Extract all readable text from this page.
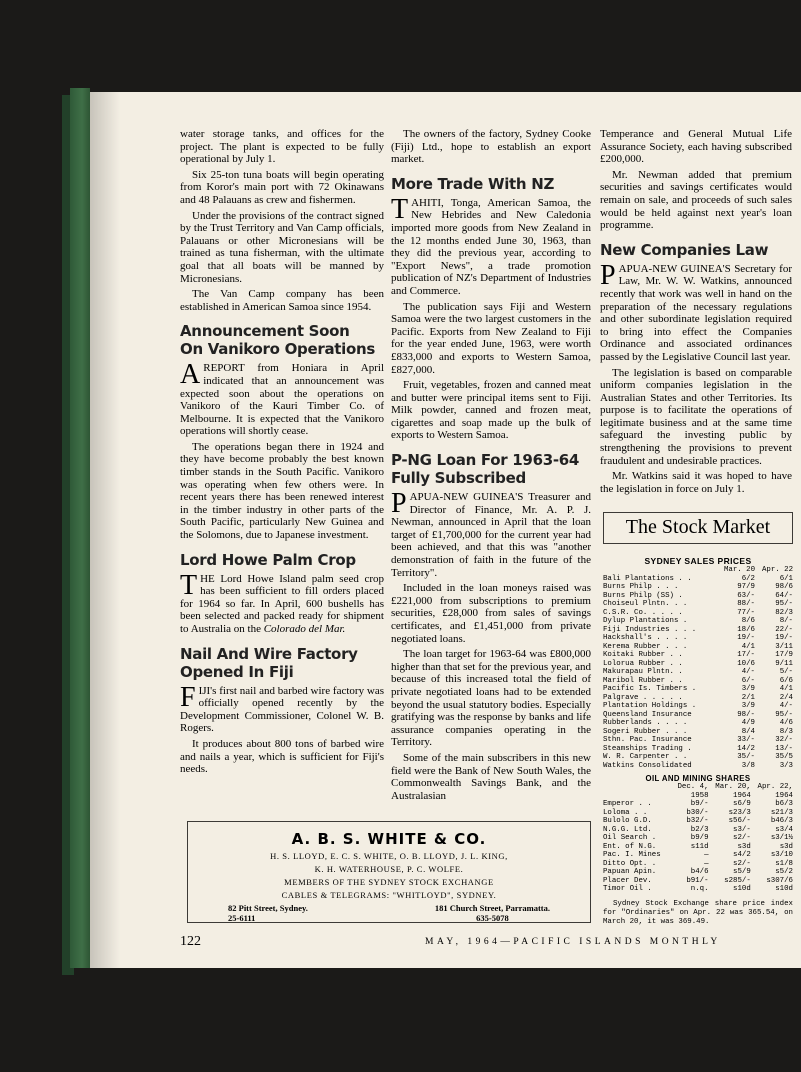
water storage tanks, and offices for the project. The plant is expected to be fully operational by July 1.

Six 25-ton tuna boats will begin operating from Koror's main port with 72 Okinawans and 48 Palauans as crew and fishermen.

Under the provisions of the contract signed by the Trust Territory and Van Camp officials, Palauans or other Micronesians will be trained as tuna fisherman, with the ultimate goal that all boats will be manned by Micronesians.

The Van Camp company has been established in American Samoa since 1954.

Announcement Soon
On Vanikoro Operations

AREPORT from Honiara in April indicated that an announcement was expected soon about the operations on Vanikoro of the Kauri Timber Co. of Melbourne. It is expected that the Vanikoro operations will shortly cease.

The operations began there in 1924 and they have become probably the best known timber stands in the South Pacific. Vanikoro was operating when few others were. In recent years there has been renewed interest in the timber industry in other parts of the South Pacific, particularly New Guinea and the Solomons, due to Japanese investment.

Lord Howe Palm Crop

THE Lord Howe Island palm seed crop has been sufficient to fill orders placed for 1964 so far. In April, 600 bushells has been selected and packed ready for shipment to Australia on the Colorado del Mar.

Nail And Wire Factory
Opened In Fiji

FIJI's first nail and barbed wire factory was officially opened recently by the Development Commissioner, Colonel W. B. Rogers.

It produces about 800 tons of barbed wire and nails a year, which is sufficient for Fiji's needs.

The owners of the factory, Sydney Cooke (Fiji) Ltd., hope to establish an export market.

More Trade With NZ

TAHITI, Tonga, American Samoa, the New Hebrides and New Caledonia imported more goods from New Zealand in the 12 months ended June 30, 1963, than they did the previous year, according to "Export News", a trade promotion publication of NZ's Department of Industries and Commerce.

The publication says Fiji and Western Samoa were the two largest customers in the Pacific. Exports from New Zealand to Fiji for the year ended June, 1963, were worth £833,000 and exports to Western Samoa, £827,000.

Fruit, vegetables, frozen and canned meat and butter were principal items sent to Fiji. Milk powder, canned and frozen meat, cigarettes and soap made up the bulk of exports to Western Samoa.

P-NG Loan For 1963-64
Fully Subscribed

PAPUA-NEW GUINEA'S Treasurer and Director of Finance, Mr. A. P. J. Newman, announced in April that the loan target of £1,700,000 for the current year had been achieved, and that this was "another demonstration of faith in the future of the Territory".

Included in the loan moneys raised was £221,000 from subscriptions to premium securities, £28,000 from sales of savings certificates, and £1,451,000 from private negotiated loans.

The loan target for 1963-64 was £800,000 higher than that set for the previous year, and because of this increased total the field of private negotiated loans had to be extended beyond the usual statutory bodies. Especially gratifying was the response by banks and life assurance companies operating in the Territory.

Some of the main subscribers in this new field were the Bank of New South Wales, the Commonwealth Savings Bank, and the Australasian

Temperance and General Mutual Life Assurance Society, each having subscribed £200,000.

Mr. Newman added that premium securities and savings certificates would remain on sale, and proceeds of such sales would be held against next year's loan programme.

New Companies Law

PAPUA-NEW GUINEA'S Secretary for Law, Mr. W. W. Watkins, announced recently that work was well in hand on the preparation of the necessary regulations and other subordinate legislation required to bring into effect the Companies Ordinance and associated ordinances passed by the Legislative Council last year.

The legislation is based on comparable uniform companies legislation in the Australian States and other Territories. Its purpose is to facilitate the operations of legitimate business and at the same time safeguard the investing public by strengthening the provisions to prevent fraudulent and undesirable practices.

Mr. Watkins said it was hoped to have the legislation in force on July 1.

The Stock Market
SYDNEY SALES PRICES
	Mar. 20	Apr. 22
Bali Plantations . .	6/2	6/1
Burns Philp . . .	97/9	98/6
Burns Philp (SS) .	63/-	64/-
Choiseul Plntn. . .	88/-	95/-
C.S.R. Co. . . . .	77/-	82/3
Dylup Plantations .	8/6	8/-
Fiji Industries . . .	18/6	22/-
Hackshall's . . . .	19/-	19/-
Kerema Rubber . . .	4/1	3/11
Koitaki Rubber . .	17/-	17/9
Lolorua Rubber . .	10/6	9/11
Makurapau Plntn. .	4/-	5/-
Maribol Rubber . .	6/-	6/6
Pacific Is. Timbers .	3/9	4/1
Palgrave . . . . .	2/1	2/4
Plantation Holdings .	3/9	4/-
Queensland Insurance	98/-	95/-
Rubberlands . . . .	4/9	4/6
Sogeri Rubber . . .	8/4	8/3
Sthn. Pac. Insurance	33/-	32/-
Steamships Trading .	14/2	13/-
W. R. Carpenter . .	35/-	35/5
Watkins Consolidated	3/8	3/3
OIL AND MINING SHARES
	Dec. 4,	Mar. 20,	Apr. 22,
	1958	1964	1964
Emperor . .	b9/-	s6/9	b6/3
Loloma . .	b30/-	s23/3	s21/3
Bulolo G.D.	b32/-	s56/-	b46/3
N.G.G. Ltd.	b2/3	s3/-	s3/4
Oil Search .	b9/9	s2/-	s3/1½
Ent. of N.G.	s11d	s3d	s3d
Pac. I. Mines	—	s4/2	s3/10
Ditto Opt. .	—	s2/-	s1/8
Papuan Apin.	b4/6	s5/9	s5/2
Placer Dev.	b91/-	s285/-	s307/6
Timor Oil .	n.q.	s10d	s10d
Sydney Stock Exchange share price index for "Ordinaries" on Apr. 22 was 365.54, on March 20, it was 369.49.
A. B. S. WHITE & CO.
H. S. LLOYD, E. C. S. WHITE, O. B. LLOYD, J. L. KING,
K. H. WATERHOUSE, P. C. WOLFE.
MEMBERS OF THE SYDNEY STOCK EXCHANGE
CABLES & TELEGRAMS: "WHITLOYD", SYDNEY.
82 Pitt Street, Sydney.
25-6111
181 Church Street, Parramatta.
635-5078
122	MAY, 1964—PACIFIC ISLANDS MONTHLY
